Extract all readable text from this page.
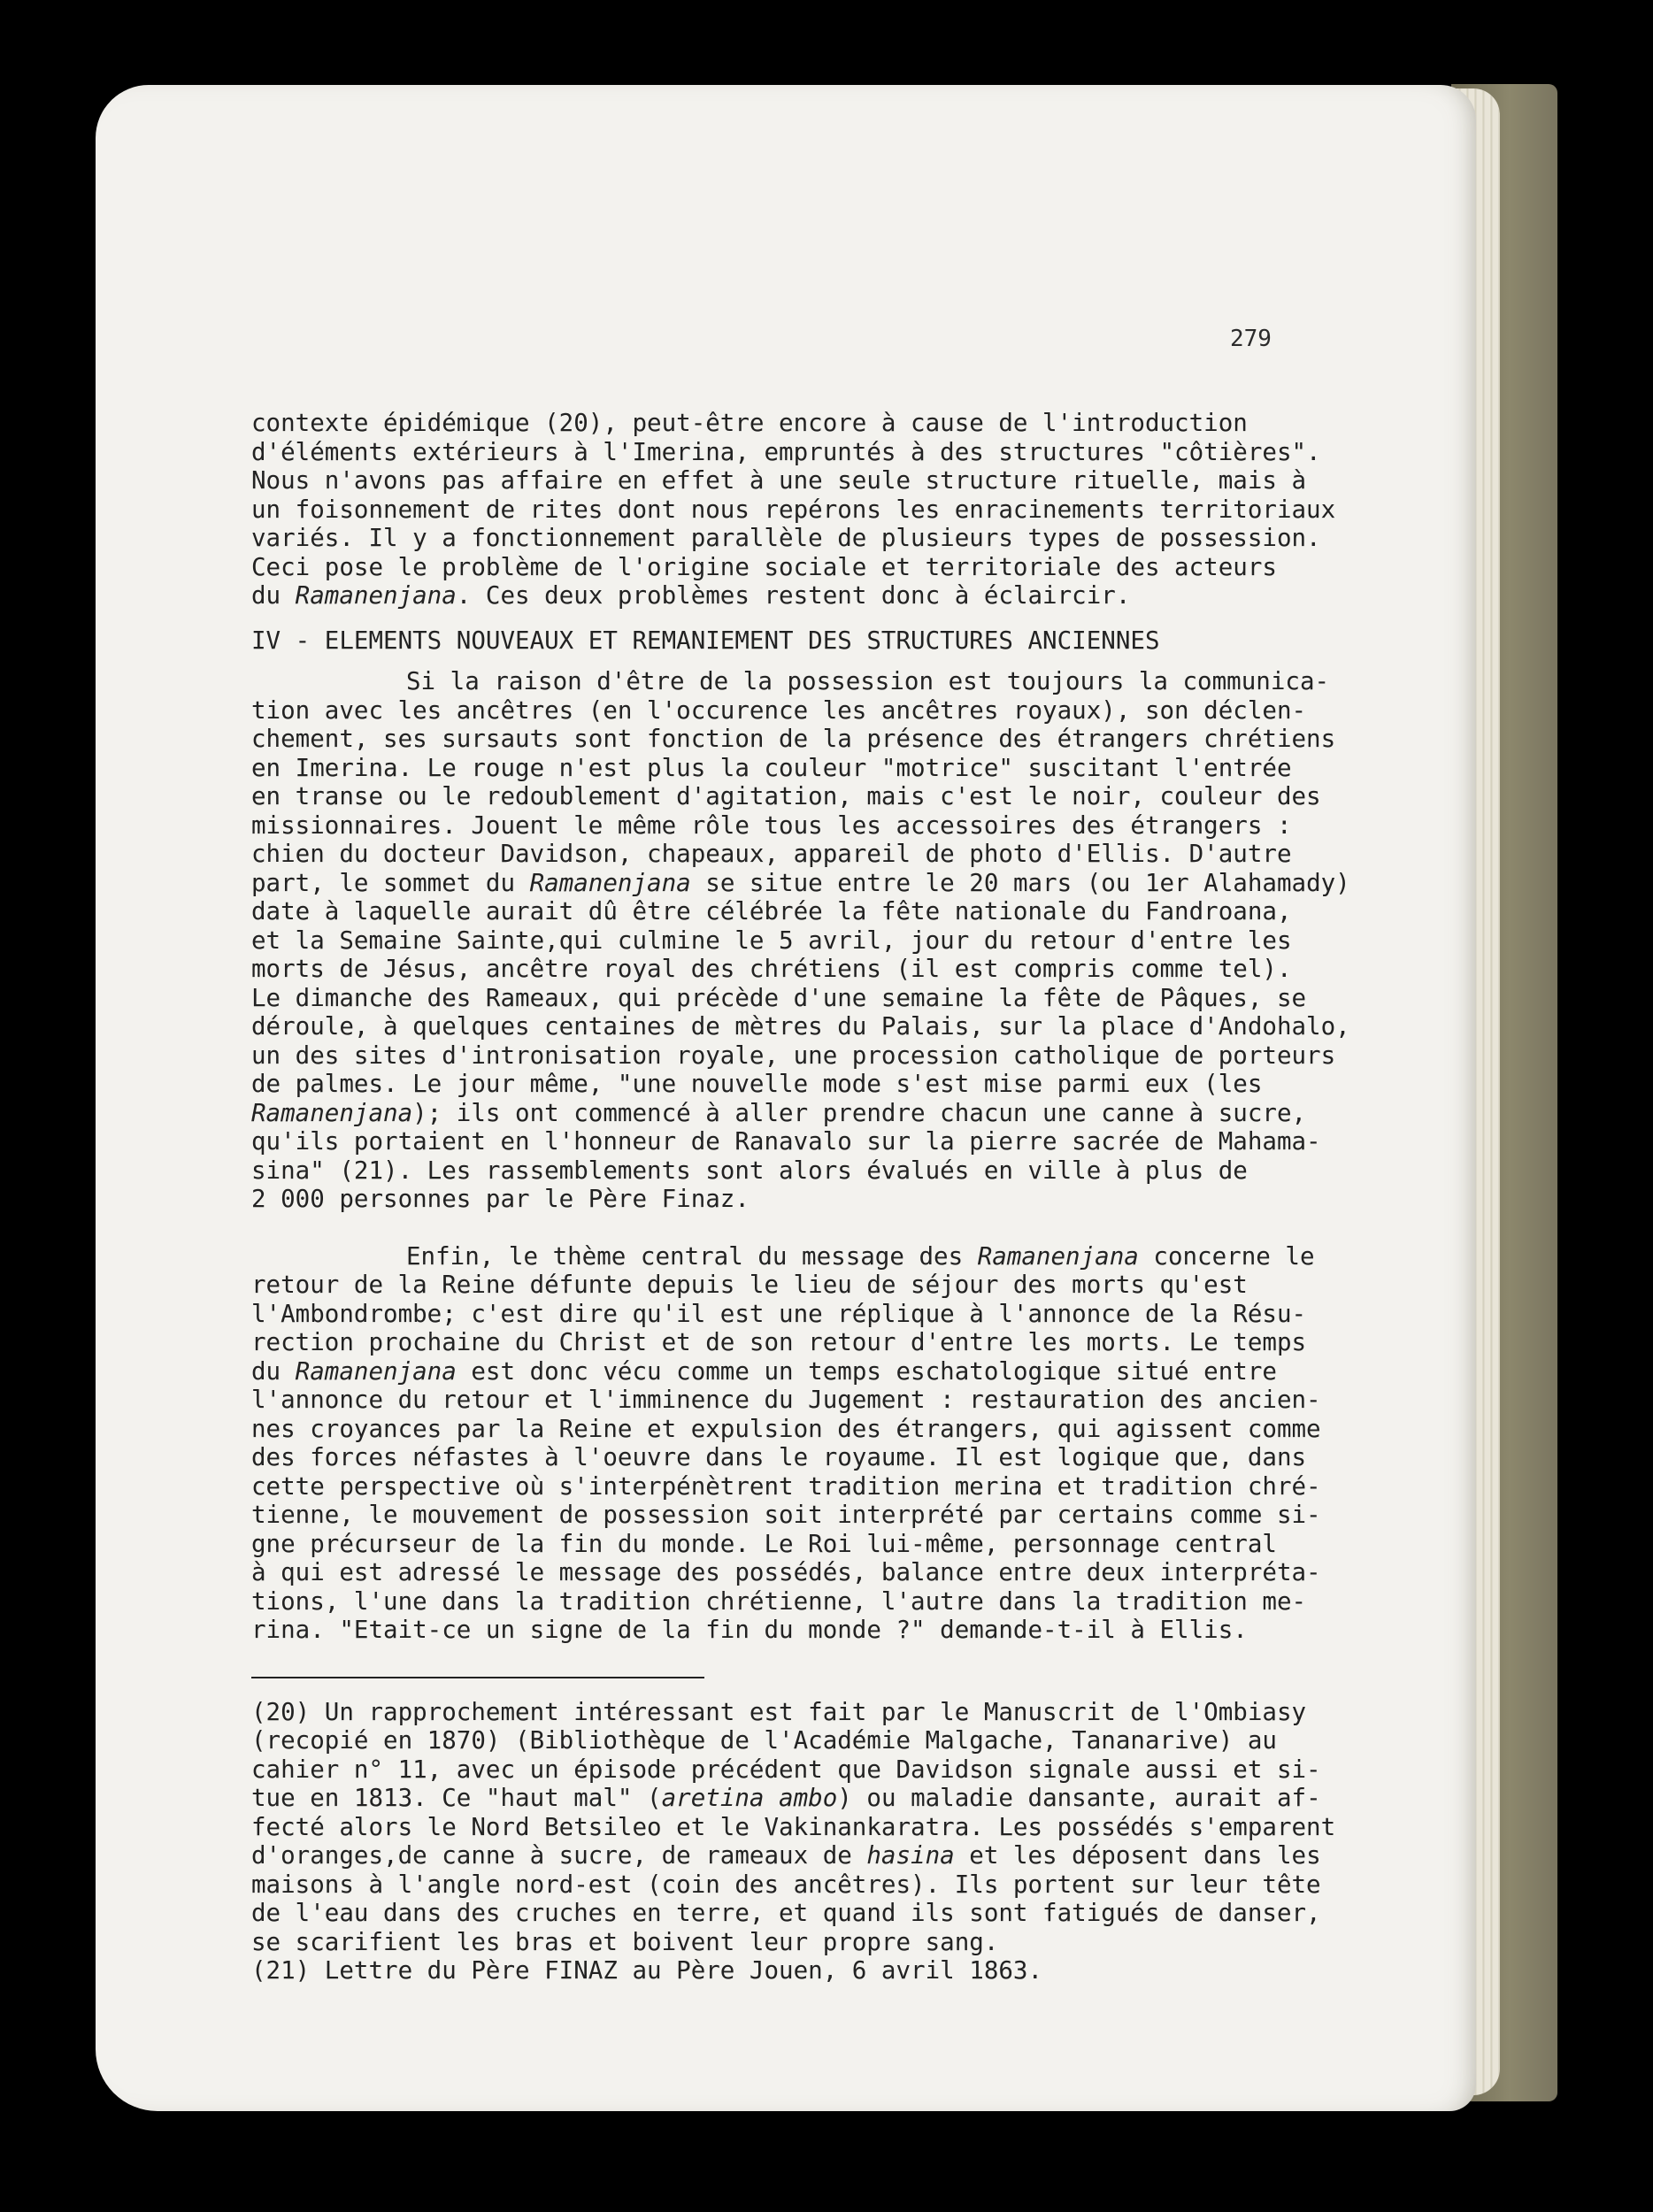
279
contexte épidémique (20), peut-être encore à cause de l'introduction
d'éléments extérieurs à l'Imerina, empruntés à des structures "côtières".
Nous n'avons pas affaire en effet à une seule structure rituelle, mais à
un foisonnement de rites dont nous repérons les enracinements territoriaux
variés. Il y a fonctionnement parallèle de plusieurs types de possession.
Ceci pose le problème de l'origine sociale et territoriale des acteurs
du Ramanenjana. Ces deux problèmes restent donc à éclaircir.
IV - ELEMENTS NOUVEAUX ET REMANIEMENT DES STRUCTURES ANCIENNES
Si la raison d'être de la possession est toujours la communica-
tion avec les ancêtres (en l'occurence les ancêtres royaux), son déclen-
chement, ses sursauts sont fonction de la présence des étrangers chrétiens
en Imerina. Le rouge n'est plus la couleur "motrice" suscitant l'entrée
en transe ou le redoublement d'agitation, mais c'est le noir, couleur des
missionnaires. Jouent le même rôle tous les accessoires des étrangers :
chien du docteur Davidson, chapeaux, appareil de photo d'Ellis. D'autre
part, le sommet du Ramanenjana se situe entre le 20 mars (ou 1er Alahamady)
date à laquelle aurait dû être célébrée la fête nationale du Fandroana,
et la Semaine Sainte,qui culmine le 5 avril, jour du retour d'entre les
morts de Jésus, ancêtre royal des chrétiens (il est compris comme tel).
Le dimanche des Rameaux, qui précède d'une semaine la fête de Pâques, se
déroule, à quelques centaines de mètres du Palais, sur la place d'Andohalo,
un des sites d'intronisation royale, une procession catholique de porteurs
de palmes. Le jour même, "une nouvelle mode s'est mise parmi eux (les
Ramanenjana); ils ont commencé à aller prendre chacun une canne à sucre,
qu'ils portaient en l'honneur de Ranavalo sur la pierre sacrée de Mahama-
sina" (21). Les rassemblements sont alors évalués en ville à plus de
2 000 personnes par le Père Finaz.
Enfin, le thème central du message des Ramanenjana concerne le
retour de la Reine défunte depuis le lieu de séjour des morts qu'est
l'Ambondrombe; c'est dire qu'il est une réplique à l'annonce de la Résu-
rection prochaine du Christ et de son retour d'entre les morts. Le temps
du Ramanenjana est donc vécu comme un temps eschatologique situé entre
l'annonce du retour et l'imminence du Jugement : restauration des ancien-
nes croyances par la Reine et expulsion des étrangers, qui agissent comme
des forces néfastes à l'oeuvre dans le royaume. Il est logique que, dans
cette perspective où s'interpénètrent tradition merina et tradition chré-
tienne, le mouvement de possession soit interprété par certains comme si-
gne précurseur de la fin du monde. Le Roi lui-même, personnage central
à qui est adressé le message des possédés, balance entre deux interpréta-
tions, l'une dans la tradition chrétienne, l'autre dans la tradition me-
rina. "Etait-ce un signe de la fin du monde ?" demande-t-il à Ellis.
(20) Un rapprochement intéressant est fait par le Manuscrit de l'Ombiasy
(recopié en 1870) (Bibliothèque de l'Académie Malgache, Tananarive) au
cahier n° 11, avec un épisode précédent que Davidson signale aussi et si-
tue en 1813. Ce "haut mal" (aretina ambo) ou maladie dansante, aurait af-
fecté alors le Nord Betsileo et le Vakinankaratra. Les possédés s'emparent
d'oranges,de canne à sucre, de rameaux de hasina et les déposent dans les
maisons à l'angle nord-est (coin des ancêtres). Ils portent sur leur tête
de l'eau dans des cruches en terre, et quand ils sont fatigués de danser,
se scarifient les bras et boivent leur propre sang.
(21) Lettre du Père FINAZ au Père Jouen, 6 avril 1863.
